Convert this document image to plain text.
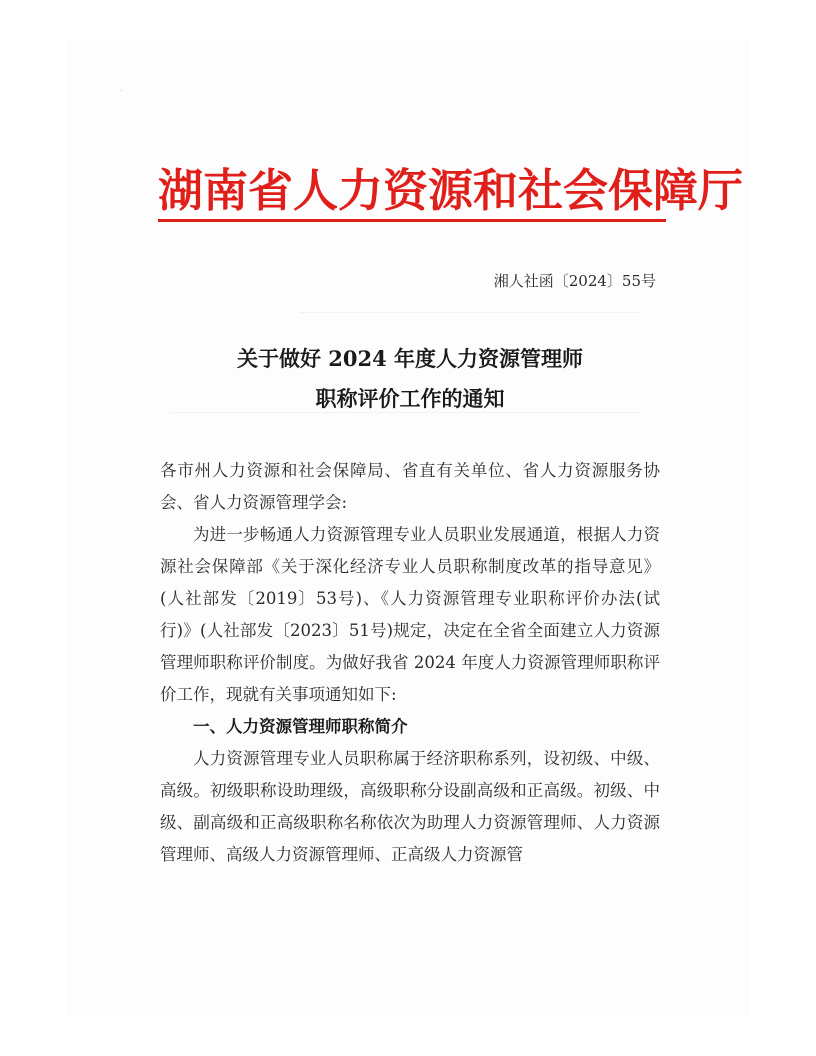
湖南省人力资源和社会保障厅
湘人社函〔2024〕55号
关于做好 2024 年度人力资源管理师
职称评价工作的通知

各市州人力资源和社会保障局、省直有关单位、省人力资源服务协会、省人力资源管理学会:

为进一步畅通人力资源管理专业人员职业发展通道，根据人力资源社会保障部《关于深化经济专业人员职称制度改革的指导意见》(人社部发〔2019〕53号)、《人力资源管理专业职称评价办法(试行)》(人社部发〔2023〕51号)规定，决定在全省全面建立人力资源管理师职称评价制度。为做好我省 2024 年度人力资源管理师职称评价工作，现就有关事项通知如下:

一、人力资源管理师职称简介

人力资源管理专业人员职称属于经济职称系列，设初级、中级、高级。初级职称设助理级，高级职称分设副高级和正高级。初级、中级、副高级和正高级职称名称依次为助理人力资源管理师、人力资源管理师、高级人力资源管理师、正高级人力资源管
